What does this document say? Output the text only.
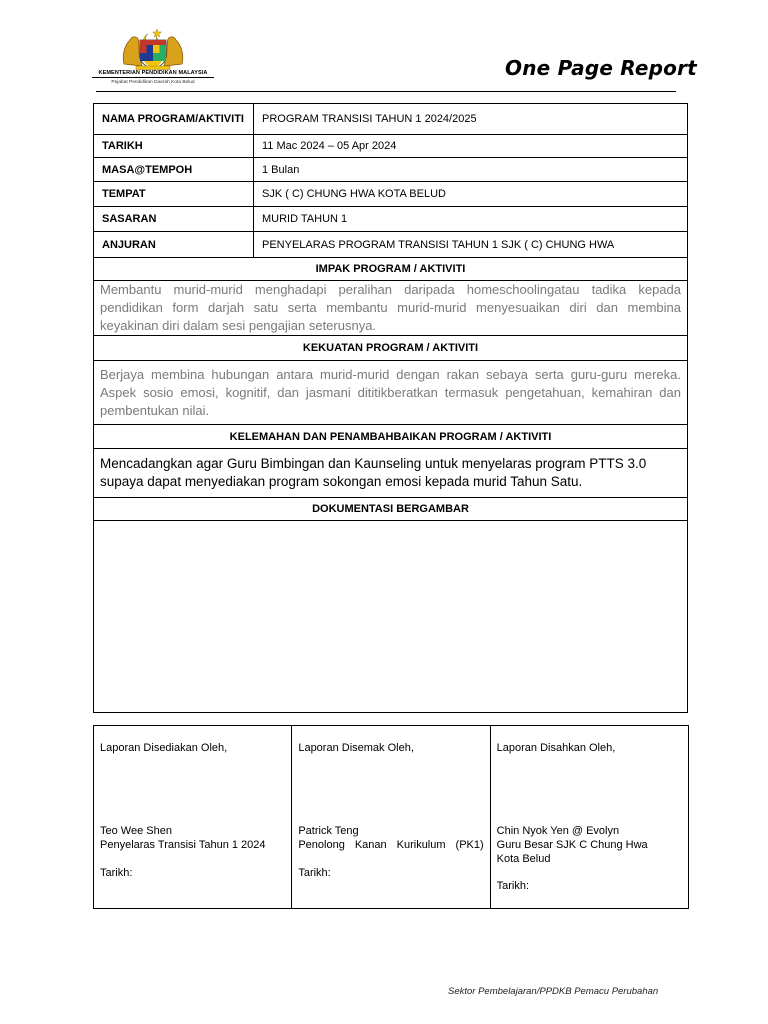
KEMENTERIAN PENDIDIKAN MALAYSIA
Pejabat Pendidikan Daerah Kota Belud
One Page Report
NAMA PROGRAM/AKTIVITI	PROGRAM TRANSISI TAHUN 1 2024/2025
TARIKH	11 Mac 2024 – 05 Apr 2024
MASA@TEMPOH	1 Bulan
TEMPAT	SJK ( C) CHUNG HWA KOTA BELUD
SASARAN	MURID TAHUN 1
ANJURAN	PENYELARAS PROGRAM TRANSISI TAHUN 1 SJK ( C) CHUNG HWA
IMPAK PROGRAM / AKTIVITI	
Membantu murid-murid menghadapi peralihan daripada homeschoolingatau tadika kepada pendidikan form darjah satu serta membantu murid-murid menyesuaikan diri dan membina keyakinan diri dalam sesi pengajian seterusnya.	
KEKUATAN PROGRAM / AKTIVITI	
Berjaya membina hubungan antara murid-murid dengan rakan sebaya serta guru-guru mereka. Aspek sosio emosi, kognitif, dan jasmani dititikberatkan termasuk pengetahuan, kemahiran dan pembentukan nilai.	
KELEMAHAN DAN PENAMBAHBAIKAN PROGRAM / AKTIVITI	
Mencadangkan agar Guru Bimbingan dan Kaunseling untuk menyelaras program PTTS 3.0 supaya dapat menyediakan program sokongan emosi kepada murid Tahun Satu.	
DOKUMENTASI BERGAMBAR	

Laporan Disediakan Oleh,
Teo Wee Shen
Penyelaras Transisi Tahun 1 2024
Tarikh:

Laporan Disemak Oleh,
Patrick Teng
Penolong Kanan Kurikulum (PK1)
Tarikh:

Laporan Disahkan Oleh,
Chin Nyok Yen @ Evolyn
Guru Besar SJK C Chung Hwa
Kota Belud
Tarikh:
Sektor Pembelajaran/PPDKB Pemacu Perubahan
